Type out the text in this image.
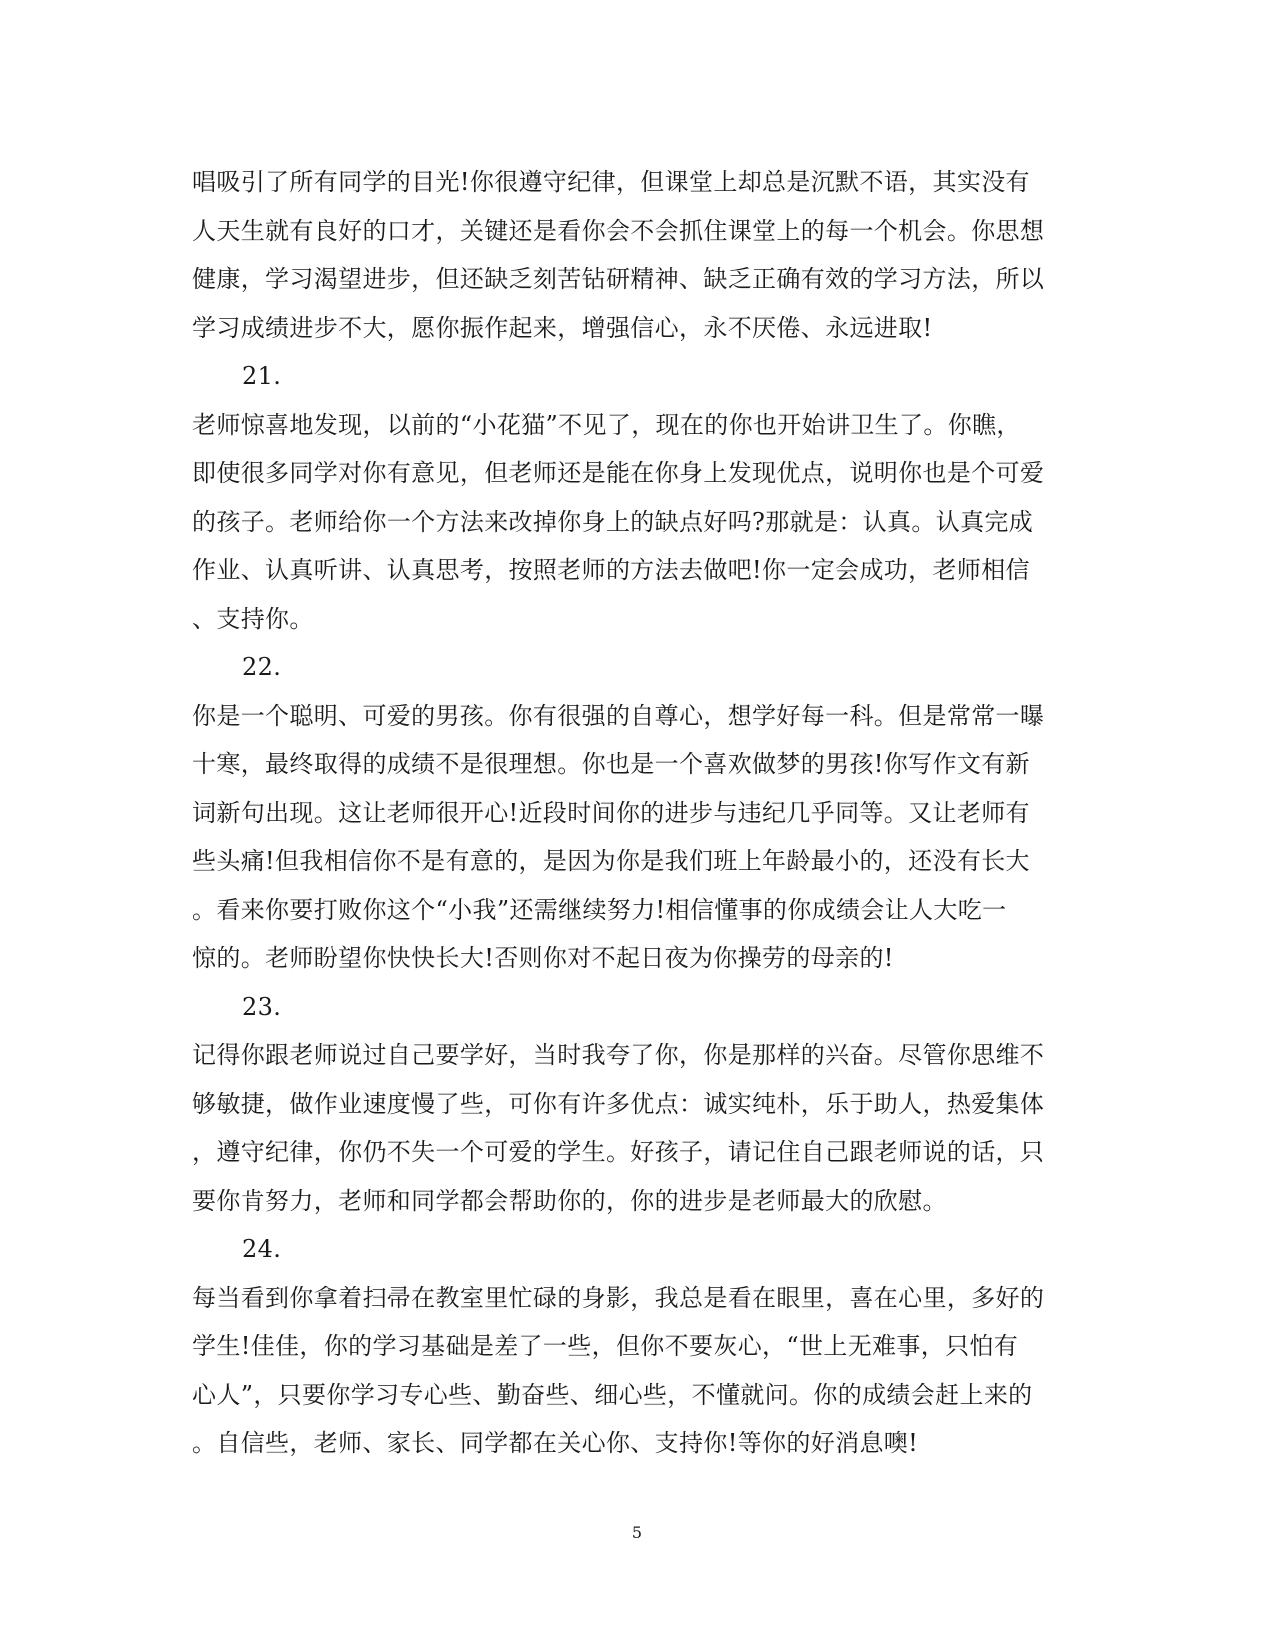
唱吸引了所有同学的目光!你很遵守纪律，但课堂上却总是沉默不语，其实没有
人天生就有良好的口才，关键还是看你会不会抓住课堂上的每一个机会。你思想
健康，学习渴望进步，但还缺乏刻苦钻研精神、缺乏正确有效的学习方法，所以
学习成绩进步不大，愿你振作起来，增强信心，永不厌倦、永远进取!
21.
老师惊喜地发现，以前的“小花猫”不见了，现在的你也开始讲卫生了。你瞧，
即使很多同学对你有意见，但老师还是能在你身上发现优点，说明你也是个可爱
的孩子。老师给你一个方法来改掉你身上的缺点好吗?那就是：认真。认真完成
作业、认真听讲、认真思考，按照老师的方法去做吧!你一定会成功，老师相信
、支持你。
22.
你是一个聪明、可爱的男孩。你有很强的自尊心，想学好每一科。但是常常一曝
十寒，最终取得的成绩不是很理想。你也是一个喜欢做梦的男孩!你写作文有新
词新句出现。这让老师很开心!近段时间你的进步与违纪几乎同等。又让老师有
些头痛!但我相信你不是有意的，是因为你是我们班上年龄最小的，还没有长大
。看来你要打败你这个“小我”还需继续努力!相信懂事的你成绩会让人大吃一
惊的。老师盼望你快快长大!否则你对不起日夜为你操劳的母亲的!
23.
记得你跟老师说过自己要学好，当时我夸了你，你是那样的兴奋。尽管你思维不
够敏捷，做作业速度慢了些，可你有许多优点：诚实纯朴，乐于助人，热爱集体
，遵守纪律，你仍不失一个可爱的学生。好孩子，请记住自己跟老师说的话，只
要你肯努力，老师和同学都会帮助你的，你的进步是老师最大的欣慰。
24.
每当看到你拿着扫帚在教室里忙碌的身影，我总是看在眼里，喜在心里，多好的
学生!佳佳，你的学习基础是差了一些，但你不要灰心，“世上无难事，只怕有
心人”，只要你学习专心些、勤奋些、细心些，不懂就问。你的成绩会赶上来的
。自信些，老师、家长、同学都在关心你、支持你!等你的好消息噢!
5
